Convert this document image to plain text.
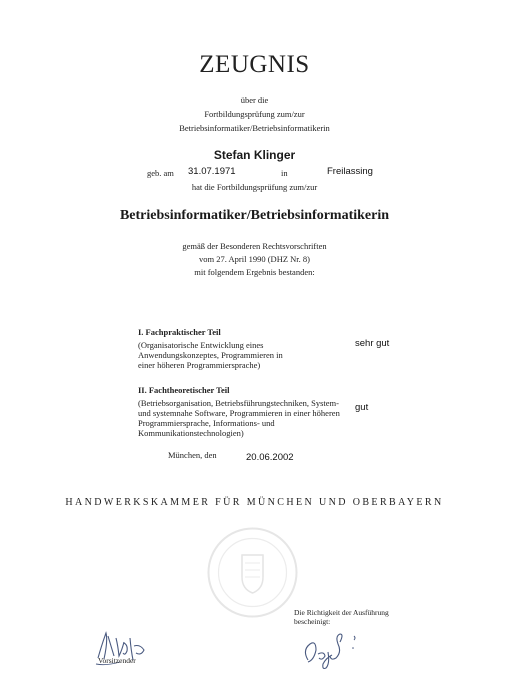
ZEUGNIS
über die
Fortbildungsprüfung zum/zur
Betriebsinformatiker/Betriebsinformatikerin
Stefan Klinger
geb. am 31.07.1971	in	Freilassing
hat die Fortbildungsprüfung zum/zur
Betriebsinformatiker/Betriebsinformatikerin
gemäß der Besonderen Rechtsvorschriften
vom 27. April 1990 (DHZ Nr. 8)
mit folgendem Ergebnis bestanden:
I. Fachpraktischer Teil
(Organisatorische Entwicklung eines Anwendungskonzeptes, Programmieren in einer höheren Programmiersprache)
sehr gut
II. Fachtheoretischer Teil
(Betriebsorganisation, Betriebsführungstechniken, System- und systemnahe Software, Programmieren in einer höheren Programmiersprache, Informations- und Kommunikationstechnologien)
gut
München, den	20.06.2002
HANDWERKSKAMMER FÜR MÜNCHEN UND OBERBAYERN
Die Richtigkeit der Ausführung
bescheinigt:
Vorsitzender
